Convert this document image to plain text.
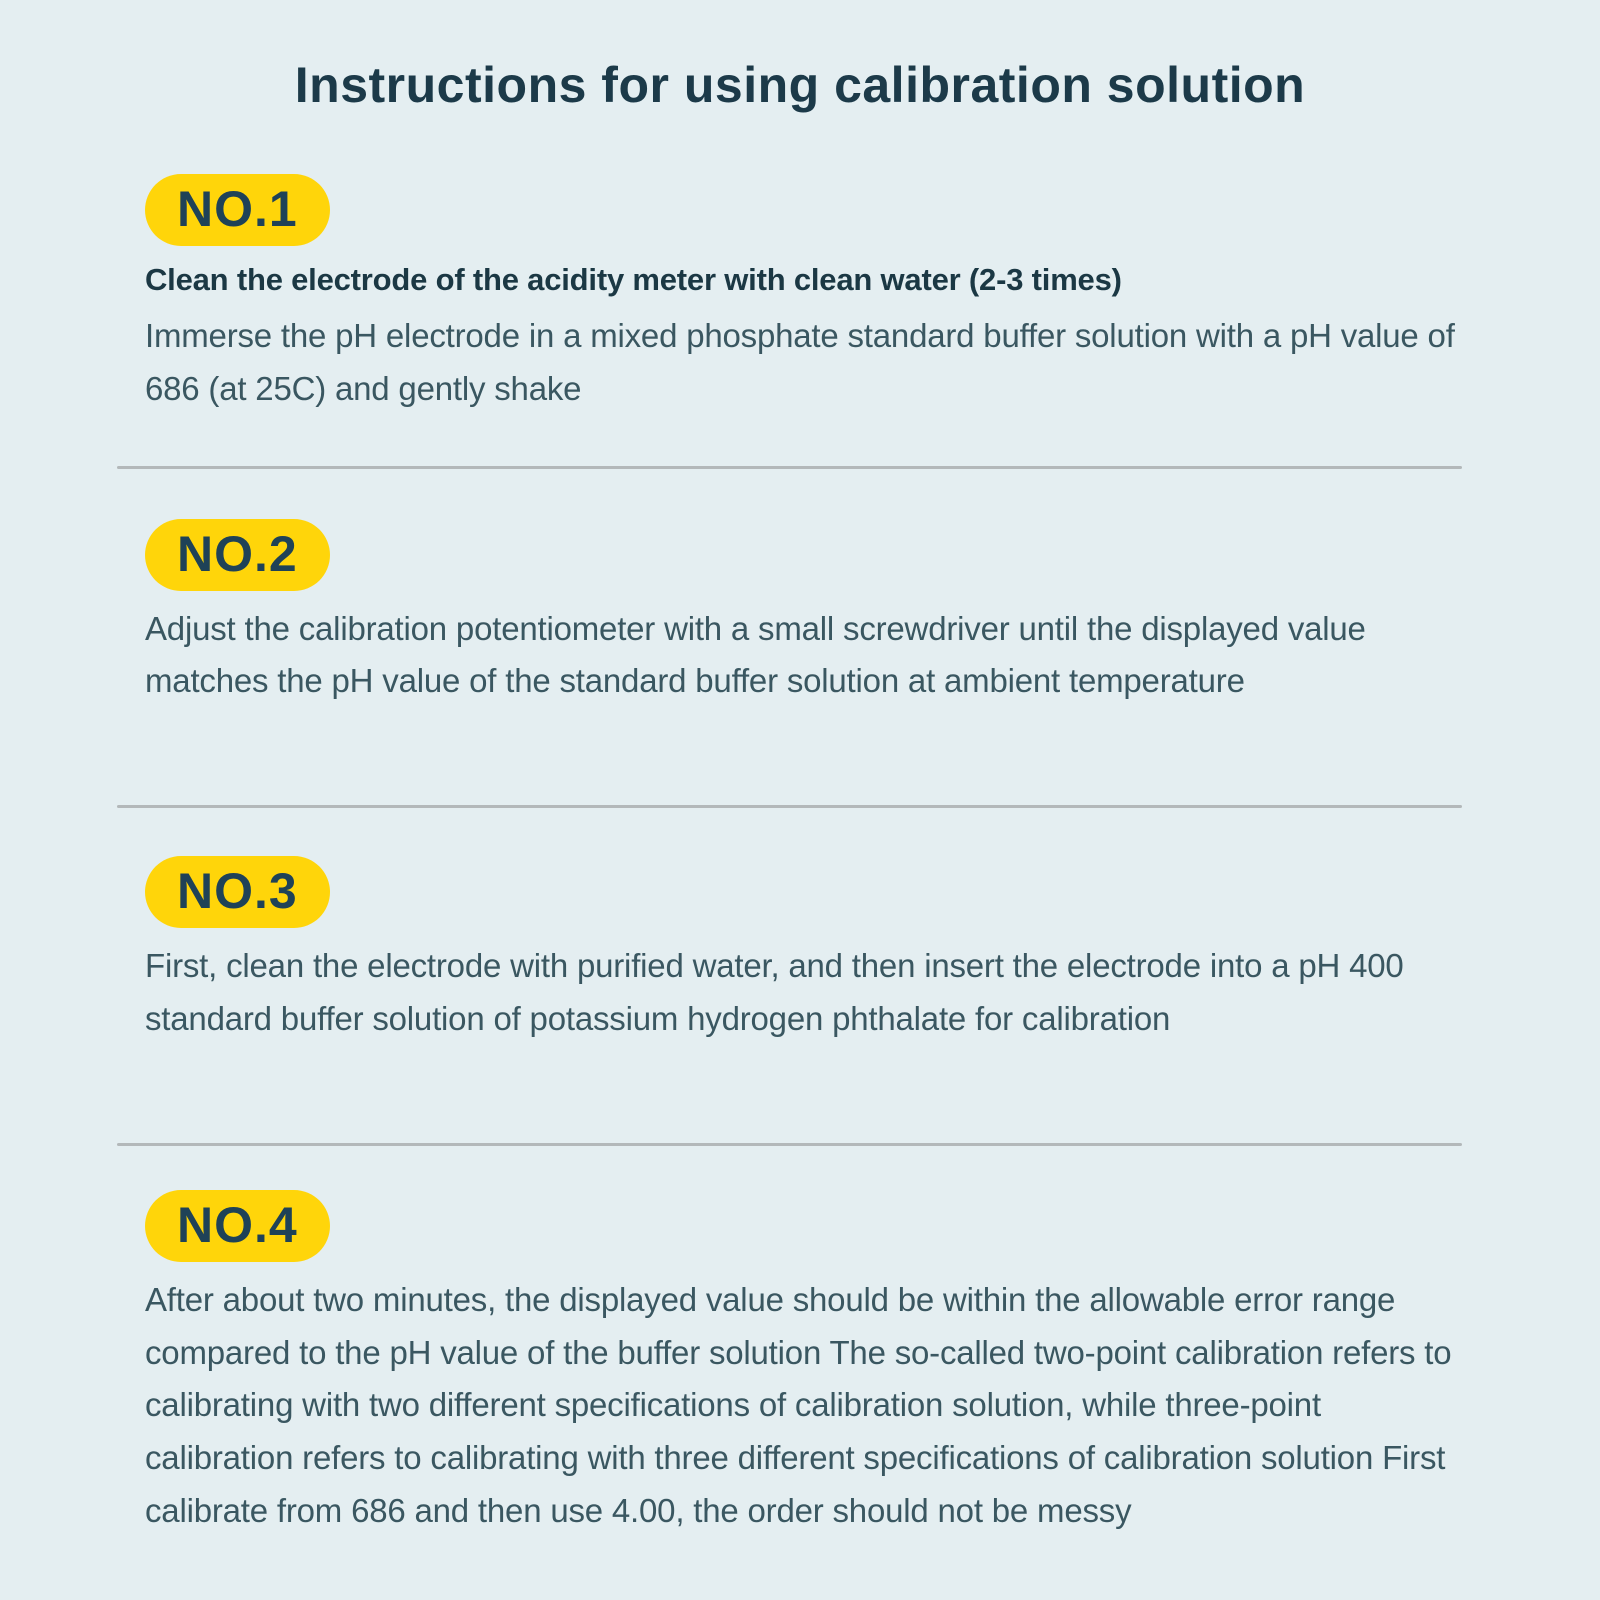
Instructions for using calibration solution
NO.1
Clean the electrode of the acidity meter with clean water (2-3 times)

Immerse the pH electrode in a mixed phosphate standard buffer solution with a pH value of 686 (at 25C) and gently shake

NO.2

Adjust the calibration potentiometer with a small screwdriver until the displayed value matches the pH value of the standard buffer solution at ambient temperature

NO.3

First, clean the electrode with purified water, and then insert the electrode into a pH 400 standard buffer solution of potassium hydrogen phthalate for calibration

NO.4

After about two minutes, the displayed value should be within the allowable error range compared to the pH value of the buffer solution The so-called two-point calibration refers to calibrating with two different specifications of calibration solution, while three-point calibration refers to calibrating with three different specifications of calibration solution First calibrate from 686 and then use 4.00, the order should not be messy
